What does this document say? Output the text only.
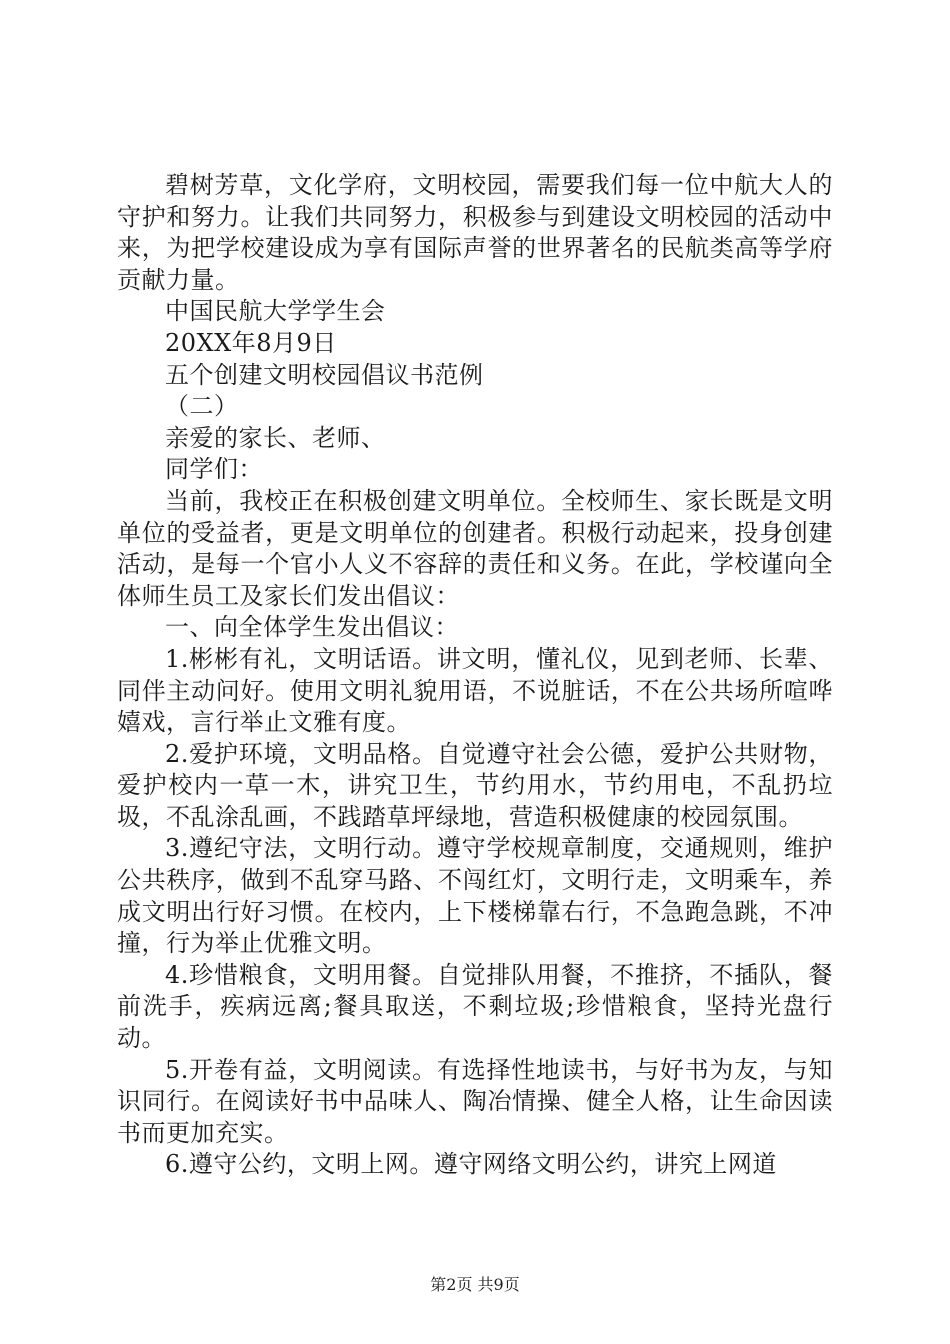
碧树芳草，文化学府，文明校园，需要我们每一位中航大人的守护和努力。让我们共同努力，积极参与到建设文明校园的活动中来，为把学校建设成为享有国际声誉的世界著名的民航类高等学府贡献力量。

中国民航大学学生会

20XX年8月9日

五个创建文明校园倡议书范例

（二）

亲爱的家长、老师、

同学们：

当前，我校正在积极创建文明单位。全校师生、家长既是文明单位的受益者，更是文明单位的创建者。积极行动起来，投身创建活动，是每一个官小人义不容辞的责任和义务。在此，学校谨向全体师生员工及家长们发出倡议：

一、向全体学生发出倡议：

1.彬彬有礼，文明话语。讲文明，懂礼仪，见到老师、长辈、同伴主动问好。使用文明礼貌用语，不说脏话，不在公共场所喧哗嬉戏，言行举止文雅有度。

2.爱护环境，文明品格。自觉遵守社会公德，爱护公共财物，爱护校内一草一木，讲究卫生，节约用水，节约用电，不乱扔垃圾，不乱涂乱画，不践踏草坪绿地，营造积极健康的校园氛围。

3.遵纪守法，文明行动。遵守学校规章制度，交通规则，维护公共秩序，做到不乱穿马路、不闯红灯，文明行走，文明乘车，养成文明出行好习惯。在校内，上下楼梯靠右行，不急跑急跳，不冲撞，行为举止优雅文明。

4.珍惜粮食，文明用餐。自觉排队用餐，不推挤，不插队，餐前洗手，疾病远离;餐具取送，不剩垃圾;珍惜粮食，坚持光盘行动。

5.开卷有益，文明阅读。有选择性地读书，与好书为友，与知识同行。在阅读好书中品味人、陶冶情操、健全人格，让生命因读书而更加充实。

6.遵守公约，文明上网。遵守网络文明公约，讲究上网道

第2页 共9页
